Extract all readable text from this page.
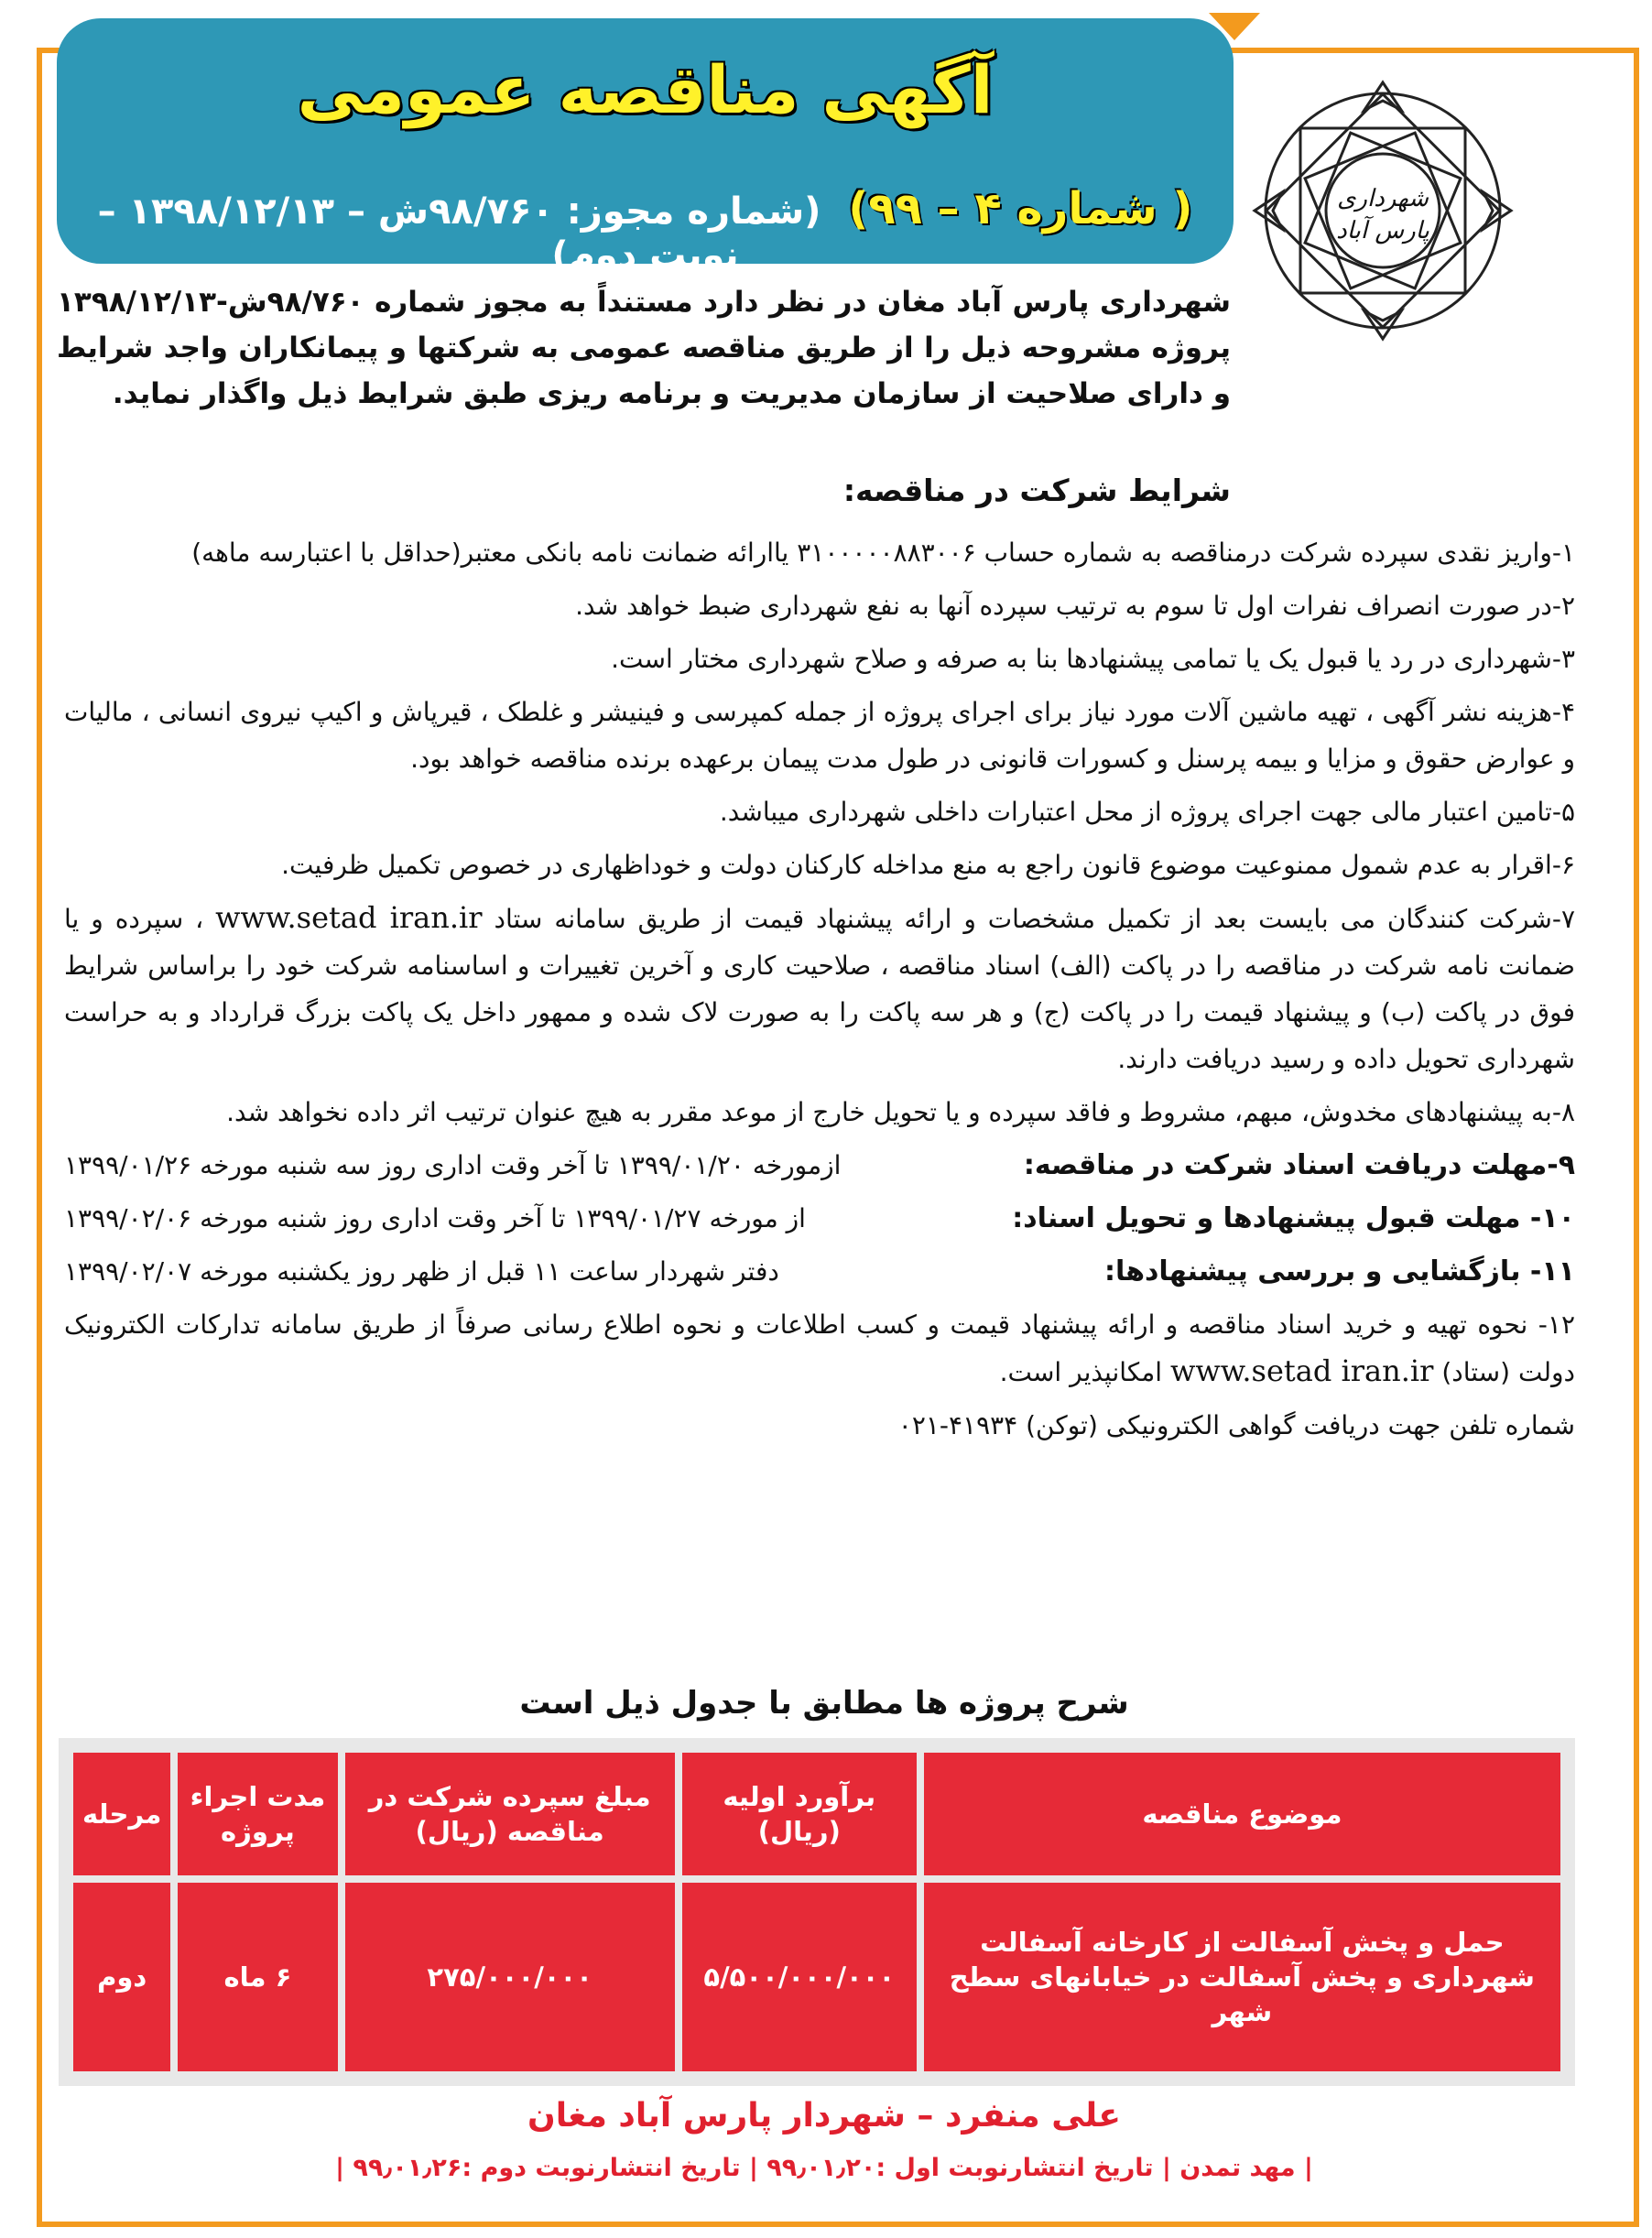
آگهی مناقصه عمومی
( شماره ۴ – ۹۹) (شماره مجوز: ۹۸/۷۶۰ش – ۱۳۹۸/۱۲/۱۳ – نوبت دوم)
شهرداری
پارس آباد
شهرداری پارس آباد مغان در نظر دارد مستنداً به مجوز شماره ۹۸/۷۶۰ش-۱۳۹۸/۱۲/۱۳ پروژه مشروحه ذیل را از طریق مناقصه عمومی به شرکتها و پیمانکاران واجد شرایط و دارای صلاحیت از سازمان مدیریت و برنامه ریزی طبق شرایط ذیل واگذار نماید.
شرایط شرکت در مناقصه:

۱-واریز نقدی سپرده شرکت درمناقصه به شماره حساب ۳۱۰۰۰۰۰۸۸۳۰۰۶ یاارائه ضمانت نامه بانکی معتبر(حداقل با اعتبارسه ماهه)

۲-در صورت انصراف نفرات اول تا سوم به ترتیب سپرده آنها به نفع شهرداری ضبط خواهد شد.

۳-شهرداری در رد یا قبول یک یا تمامی پیشنهادها بنا به صرفه و صلاح شهرداری مختار است.

۴-هزینه نشر آگهی ، تهیه ماشین آلات مورد نیاز برای اجرای پروژه از جمله کمپرسی و فینیشر و غلطک ، قیرپاش و اکیپ نیروی انسانی ، مالیات و عوارض حقوق و مزایا و بیمه پرسنل و کسورات قانونی در طول مدت پیمان برعهده برنده مناقصه خواهد بود.

۵-تامین اعتبار مالی جهت اجرای پروژه از محل اعتبارات داخلی شهرداری میباشد.

۶-اقرار به عدم شمول ممنوعیت موضوع قانون راجع به منع مداخله کارکنان دولت و خوداظهاری در خصوص تکمیل ظرفیت.

۷-شرکت کنندگان می بایست بعد از تکمیل مشخصات و ارائه پیشنهاد قیمت از طریق سامانه ستاد www.setad iran.ir ، سپرده و یا ضمانت نامه شرکت در مناقصه را در پاکت (الف) اسناد مناقصه ، صلاحیت کاری و آخرین تغییرات و اساسنامه شرکت خود را براساس شرایط فوق در پاکت (ب) و پیشنهاد قیمت را در پاکت (ج) و هر سه پاکت را به صورت لاک شده و ممهور داخل یک پاکت بزرگ قرارداد و به حراست شهرداری تحویل داده و رسید دریافت دارند.

۸-به پیشنهادهای مخدوش، مبهم، مشروط و فاقد سپرده و یا تحویل خارج از موعد مقرر به هیچ عنوان ترتیب اثر داده نخواهد شد.

۹-مهلت دریافت اسناد شرکت در مناقصه:
ازمورخه ۱۳۹۹/۰۱/۲۰ تا آخر وقت اداری روز سه شنبه مورخه ۱۳۹۹/۰۱/۲۶
۱۰- مهلت قبول پیشنهادها و تحویل اسناد:
از مورخه ۱۳۹۹/۰۱/۲۷ تا آخر وقت اداری روز شنبه مورخه ۱۳۹۹/۰۲/۰۶
۱۱- بازگشایی و بررسی پیشنهادها:
دفتر شهردار ساعت ۱۱ قبل از ظهر روز یکشنبه مورخه ۱۳۹۹/۰۲/۰۷

۱۲- نحوه تهیه و خرید اسناد مناقصه و ارائه پیشنهاد قیمت و کسب اطلاعات و نحوه اطلاع رسانی صرفاً از طریق سامانه تدارکات الکترونیک دولت (ستاد) www.setad iran.ir امکانپذیر است.

شماره تلفن جهت دریافت گواهی الکترونیکی (توکن) ۴۱۹۳۴-۰۲۱

شرح پروژه ها مطابق با جدول ذیل است
موضوع مناقصه	برآورد اولیه (ریال)	مبلغ سپرده شرکت در مناقصه (ریال)	مدت اجراء پروژه	مرحله
حمل و پخش آسفالت از کارخانه آسفالت شهرداری و پخش آسفالت در خیابانهای سطح شهر	۵/۵۰۰/۰۰۰/۰۰۰	۲۷۵/۰۰۰/۰۰۰	۶ ماه	دوم
علی منفرد – شهردار پارس آباد مغان
| مهد تمدن | تاریخ انتشارنوبت اول :۹۹٫۰۱٫۲۰ | تاریخ انتشارنوبت دوم :۹۹٫۰۱٫۲۶ |
